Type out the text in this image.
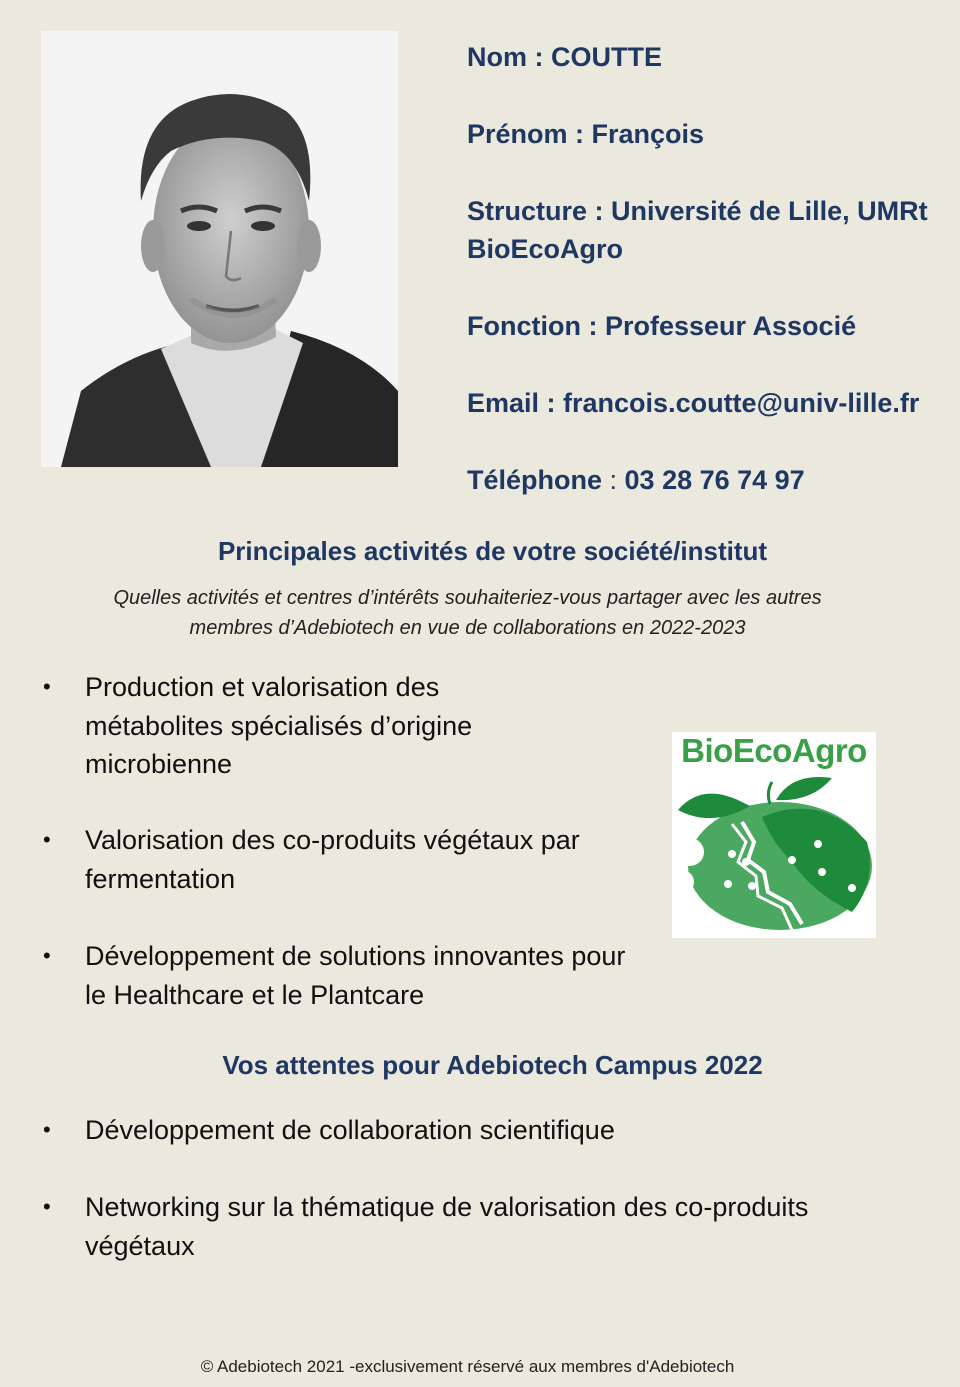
Nom : COUTTE
Prénom : François
Structure : Université de Lille, UMRt BioEcoAgro
Fonction : Professeur Associé
Email : francois.coutte@univ-lille.fr
Téléphone : 03 28 76 74 97
Principales activités de votre société/institut
Quelles activités et centres d’intérêts souhaiteriez-vous partager avec les autres
membres d’Adebiotech en vue de collaborations en 2022-2023
• Production et valorisation des métabolites spécialisés d’origine microbienne
• Valorisation des co-produits végétaux par fermentation
• Développement de solutions innovantes pour le Healthcare et le Plantcare
• Développement de collaboration scientifique
• Networking sur la thématique de valorisation des co-produits végétaux
BioEcoAgro
Vos attentes pour Adebiotech Campus 2022
© Adebiotech 2021 -exclusivement réservé aux membres d'Adebiotech
